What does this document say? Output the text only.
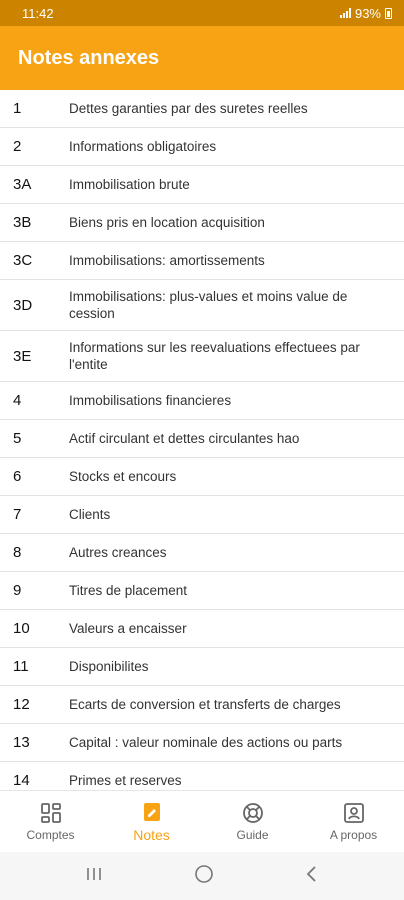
11:42	93%
Notes annexes
1	Dettes garanties par des suretes reelles
2	Informations obligatoires
3A	Immobilisation brute
3B	Biens pris en location acquisition
3C	Immobilisations: amortissements
3D	Immobilisations: plus-values et moins value de cession
3E	Informations sur les reevaluations effectuees par l'entite
4	Immobilisations financieres
5	Actif circulant et dettes circulantes hao
6	Stocks et encours
7	Clients
8	Autres creances
9	Titres de placement
10	Valeurs a encaisser
11	Disponibilites
12	Ecarts de conversion et transferts de charges
13	Capital : valeur nominale des actions ou parts
14	Primes et reserves
Comptes	Notes	Guide	A propos
